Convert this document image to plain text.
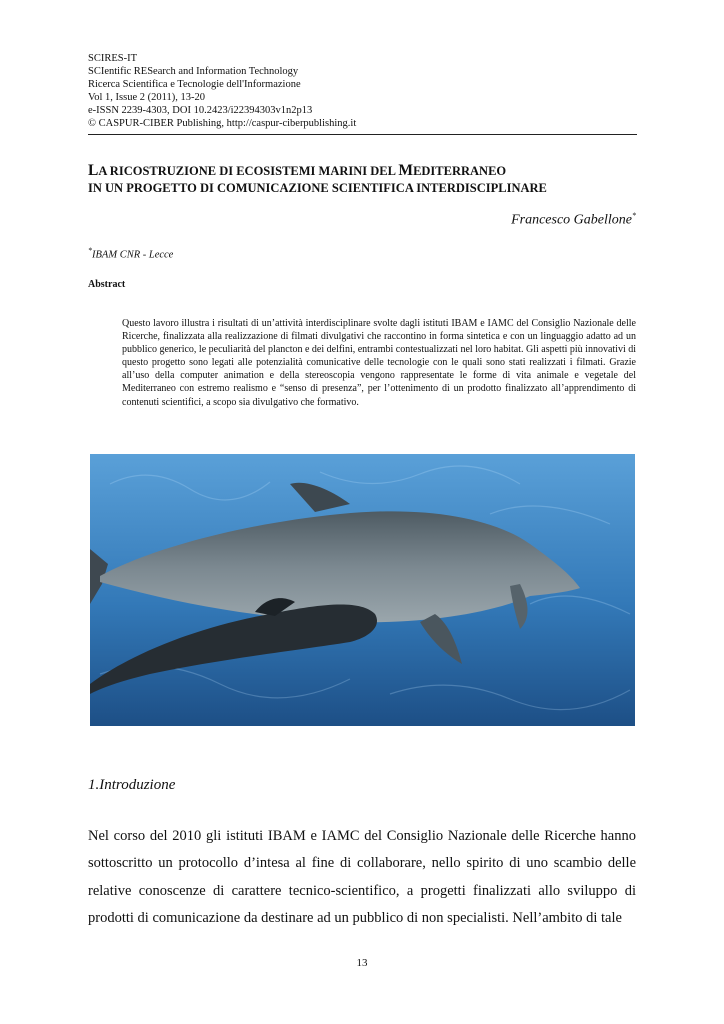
SCIRES-IT
SCIentific RESearch and Information Technology
Ricerca Scientifica e Tecnologie dell'Informazione
Vol 1, Issue 2 (2011), 13-20
e-ISSN 2239-4303, DOI 10.2423/i22394303v1n2p13
© CASPUR-CIBER Publishing, http://caspur-ciberpublishing.it
LA RICOSTRUZIONE DI ECOSISTEMI MARINI DEL MEDITERRANEO
IN UN PROGETTO DI COMUNICAZIONE SCIENTIFICA INTERDISCIPLINARE
Francesco Gabellone*
*IBAM CNR - Lecce
Abstract
Questo lavoro illustra i risultati di un’attività interdisciplinare svolte dagli istituti IBAM e IAMC del Consiglio Nazionale delle Ricerche, finalizzata alla realizzazione di filmati divulgativi che raccontino in forma sintetica e con un linguaggio adatto ad un pubblico generico, le peculiarità del plancton e dei delfini, entrambi contestualizzati nel loro habitat. Gli aspetti più innovativi di questo progetto sono legati alle potenzialità comunicative delle tecnologie con le quali sono stati realizzati i filmati. Grazie all’uso della computer animation e della stereoscopia vengono rappresentate le forme di vita animale e vegetale del Mediterraneo con estremo realismo e “senso di presenza”, per l’ottenimento di un prodotto finalizzato all’apprendimento di contenuti scientifici, a scopo sia divulgativo che formativo.
1.Introduzione
Nel corso del 2010 gli istituti IBAM e IAMC del Consiglio Nazionale delle Ricerche hanno sottoscritto un protocollo d’intesa al fine di collaborare, nello spirito di uno scambio delle relative conoscenze di carattere tecnico-scientifico, a progetti finalizzati allo sviluppo di prodotti di comunicazione da destinare ad un pubblico di non specialisti. Nell’ambito di tale
13
